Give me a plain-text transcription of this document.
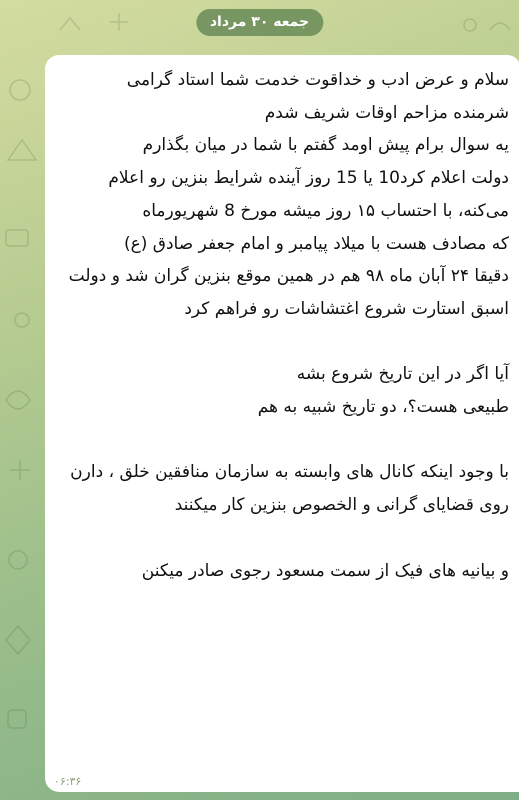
جمعه ۳۰ مرداد

سلام و عرض ادب و خداقوت خدمت شما استاد گرامی

شرمنده مزاحم اوقات شریف شدم

یه سوال برام پیش اومد گفتم با شما در میان بگذارم

دولت اعلام کرد10 یا 15 روز آینده شرایط بنزین رو اعلام می‌کنه، با احتساب ۱۵ روز میشه مورخ 8 شهریورماه

که مصادف هست با میلاد پیامبر و امام جعفر صادق (ع)

دقیقا ۲۴ آبان ماه ۹۸ هم در همین موقع بنزین گران شد و دولت اسبق استارت شروع اغتشاشات رو فراهم کرد

آیا اگر در این تاریخ شروع بشه

طبیعی هست؟، دو تاریخ شبیه به هم

با وجود اینکه کانال های وابسته به سازمان منافقین خلق ، دارن روی قضایای گرانی و الخصوص بنزین کار میکنند

و بیانیه های فیک از سمت مسعود رجوی صادر میکنن

۰۶:۳۶
